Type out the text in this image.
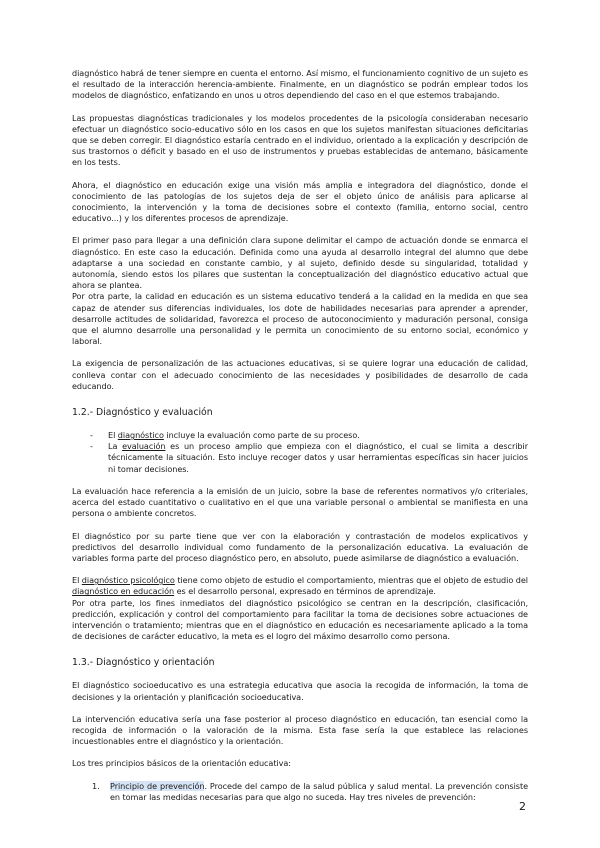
diagnóstico habrá de tener siempre en cuenta el entorno. Así mismo, el funcionamiento cognitivo de un sujeto es el resultado de la interacción herencia-ambiente. Finalmente, en un diagnóstico se podrán emplear todos los modelos de diagnóstico, enfatizando en unos u otros dependiendo del caso en el que estemos trabajando.

Las propuestas diagnósticas tradicionales y los modelos procedentes de la psicología consideraban necesario efectuar un diagnóstico socio-educativo sólo en los casos en que los sujetos manifestan situaciones deficitarias que se deben corregir. El diagnóstico estaría centrado en el individuo, orientado a la explicación y descripción de sus trastornos o déficit y basado en el uso de instrumentos y pruebas establecidas de antemano, básicamente en los tests.

Ahora, el diagnóstico en educación exige una visión más amplia e integradora del diagnóstico, donde el conocimiento de las patologías de los sujetos deja de ser el objeto único de análisis para aplicarse al conocimiento, la intervención y la toma de decisiones sobre el contexto (familia, entorno social, centro educativo...) y los diferentes procesos de aprendizaje.

El primer paso para llegar a una definición clara supone delimitar el campo de actuación donde se enmarca el diagnóstico. En este caso la educación. Definida como una ayuda al desarrollo integral del alumno que debe adaptarse a una sociedad en constante cambio, y al sujeto, definido desde su singularidad, totalidad y autonomía, siendo estos los pilares que sustentan la conceptualización del diagnóstico educativo actual que ahora se plantea.

Por otra parte, la calidad en educación es un sistema educativo tenderá a la calidad en la medida en que sea capaz de atender sus diferencias individuales, los dote de habilidades necesarias para aprender a aprender, desarrolle actitudes de solidaridad, favorezca el proceso de autoconocimiento y maduración personal, consiga que el alumno desarrolle una personalidad y le permita un conocimiento de su entorno social, económico y laboral.

La exigencia de personalización de las actuaciones educativas, si se quiere lograr una educación de calidad, conlleva contar con el adecuado conocimiento de las necesidades y posibilidades de desarrollo de cada educando.

1.2.- Diagnóstico y evaluación
-	El diagnóstico incluye la evaluación como parte de su proceso.

-	La evaluación es un proceso amplio que empieza con el diagnóstico, el cual se limita a describir técnicamente la situación. Esto incluye recoger datos y usar herramientas específicas sin hacer juicios ni tomar decisiones.

La evaluación hace referencia a la emisión de un juicio, sobre la base de referentes normativos y/o criteriales, acerca del estado cuantitativo o cualitativo en el que una variable personal o ambiental se manifiesta en una persona o ambiente concretos.

El diagnóstico por su parte tiene que ver con la elaboración y contrastación de modelos explicativos y predictivos del desarrollo individual como fundamento de la personalización educativa. La evaluación de variables forma parte del proceso diagnóstico pero, en absoluto, puede asimilarse de diagnóstico a evaluación.

El diagnóstico psicológico tiene como objeto de estudio el comportamiento, mientras que el objeto de estudio del diagnóstico en educación es el desarrollo personal, expresado en términos de aprendizaje.

Por otra parte, los fines inmediatos del diagnóstico psicológico se centran en la descripción, clasificación, predicción, explicación y control del comportamiento para facilitar la toma de decisiones sobre actuaciones de intervención o tratamiento; mientras que en el diagnóstico en educación es necesariamente aplicado a la toma de decisiones de carácter educativo, la meta es el logro del máximo desarrollo como persona.

1.3.- Diagnóstico y orientación

El diagnóstico socioeducativo es una estrategia educativa que asocia la recogida de información, la toma de decisiones y la orientación y planificación socioeducativa.

La intervención educativa sería una fase posterior al proceso diagnóstico en educación, tan esencial como la recogida de información o la valoración de la misma. Esta fase sería la que establece las relaciones incuestionables entre el diagnóstico y la orientación.

Los tres principios básicos de la orientación educativa:

1.	Principio de prevención. Procede del campo de la salud pública y salud mental. La prevención consiste en tomar las medidas necesarias para que algo no suceda. Hay tres niveles de prevención:

2
